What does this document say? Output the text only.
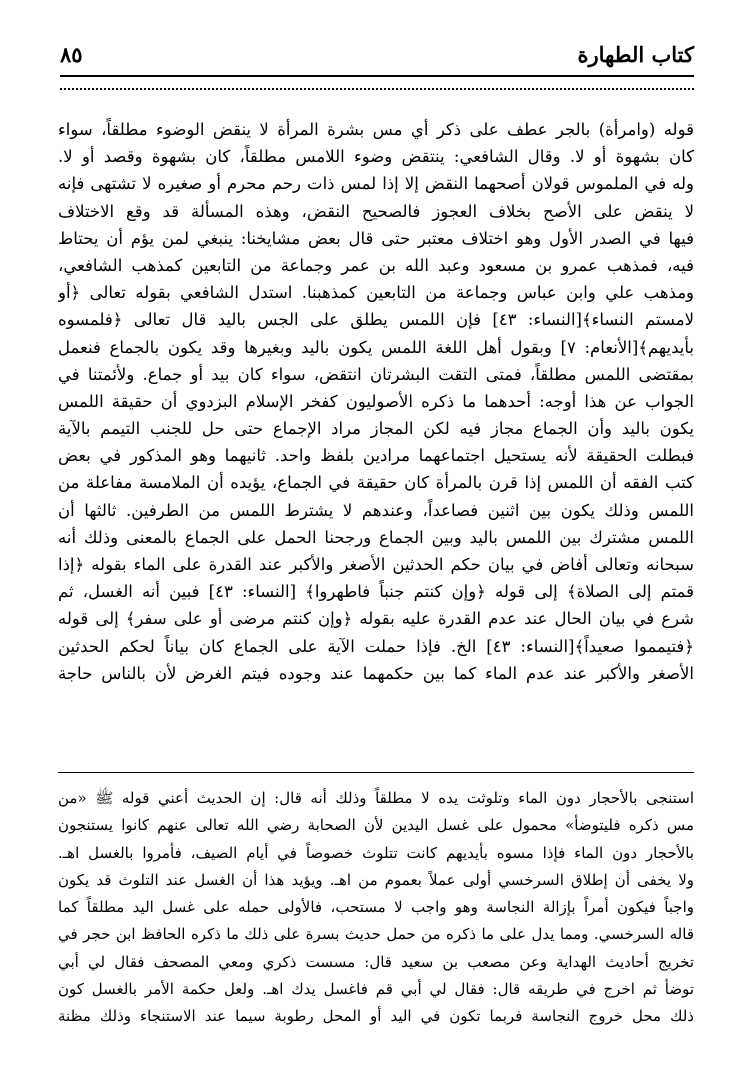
كتاب الطهارة
٨٥
قوله (وامرأة) بالجر عطف على ذكر أي مس بشرة المرأة لا ينقض الوضوء مطلقاً، سواء
كان بشهوة أو لا. وقال الشافعي: ينتقض وضوء اللامس مطلقاً، كان بشهوة وقصد أو لا.
وله في الملموس قولان أصحهما النقض إلا إذا لمس ذات رحم محرم أو صغيره لا تشتهى فإنه
لا ينقض على الأصح بخلاف العجوز فالصحيح النقض، وهذه المسألة قد وقع الاختلاف
فيها في الصدر الأول وهو اختلاف معتبر حتى قال بعض مشايخنا: ينبغي لمن يؤم أن يحتاط
فيه، فمذهب عمرو بن مسعود وعبد الله بن عمر وجماعة من التابعين كمذهب الشافعي،
ومذهب علي وابن عباس وجماعة من التابعين كمذهبنا. استدل الشافعي بقوله تعالى ﴿أو
لامستم النساء﴾[النساء: ٤٣] فإن اللمس يطلق على الجس باليد قال تعالى ﴿فلمسوه
بأيديهم﴾[الأنعام: ٧] وبقول أهل اللغة اللمس يكون باليد وبغيرها وقد يكون بالجماع فنعمل
بمقتضى اللمس مطلقاً، فمتى التقت البشرتان انتقض، سواء كان بيد أو جماع. ولأئمتنا في
الجواب عن هذا أوجه: أحدهما ما ذكره الأصوليون كفخر الإسلام البزدوي أن حقيقة اللمس
يكون باليد وأن الجماع مجاز فيه لكن المجاز مراد الإجماع حتى حل للجنب التيمم بالآية
فبطلت الحقيقة لأنه يستحيل اجتماعهما مرادين بلفظ واحد. ثانيهما وهو المذكور في بعض
كتب الفقه أن اللمس إذا قرن بالمرأة كان حقيقة في الجماع، يؤيده أن الملامسة مفاعلة من
اللمس وذلك يكون بين اثنين فصاعداً، وعندهم لا يشترط اللمس من الطرفين. ثالثها أن
اللمس مشترك بين اللمس باليد وبين الجماع ورجحنا الحمل على الجماع بالمعنى وذلك أنه
سبحانه وتعالى أفاض في بيان حكم الحدثين الأصغر والأكبر عند القدرة على الماء بقوله ﴿إذا
قمتم إلى الصلاة﴾ إلى قوله ﴿وإن كنتم جنباً فاطهروا﴾ [النساء: ٤٣] فبين أنه الغسل، ثم
شرع في بيان الحال عند عدم القدرة عليه بقوله ﴿وإن كنتم مرضى أو على سفر﴾ إلى قوله
﴿فتيمموا صعيداً﴾[النساء: ٤٣] الخ. فإذا حملت الآية على الجماع كان بياناً لحكم الحدثين
الأصغر والأكبر عند عدم الماء كما بين حكمهما عند وجوده فيتم الغرض لأن بالناس حاجة
استنجى بالأحجار دون الماء وتلوثت يده لا مطلقاً وذلك أنه قال: إن الحديث أعني قوله ﷺ «من
مس ذكره فليتوضأ» محمول على غسل اليدين لأن الصحابة رضي الله تعالى عنهم كانوا يستنجون
بالأحجار دون الماء فإذا مسوه بأيديهم كانت تتلوث خصوصاً في أيام الصيف، فأمروا بالغسل اهـ.
ولا يخفى أن إطلاق السرخسي أولى عملاً بعموم من اهـ. ويؤيد هذا أن الغسل عند التلوث قد يكون
واجباً فيكون أمراً بإزالة النجاسة وهو واجب لا مستحب، فالأولى حمله على غسل اليد مطلقاً كما
قاله السرخسي. ومما يدل على ما ذكره من حمل حديث بسرة على ذلك ما ذكره الحافظ ابن حجر في
تخريج أحاديث الهداية وعن مصعب بن سعيد قال: مسست ذكري ومعي المصحف فقال لي أبي
توضأ ثم اخرج في طريقه قال: فقال لي أبي قم فاغسل يدك اهـ. ولعل حكمة الأمر بالغسل كون
ذلك محل خروج النجاسة فربما تكون في اليد أو المحل رطوبة سيما عند الاستنجاء وذلك مظنة
